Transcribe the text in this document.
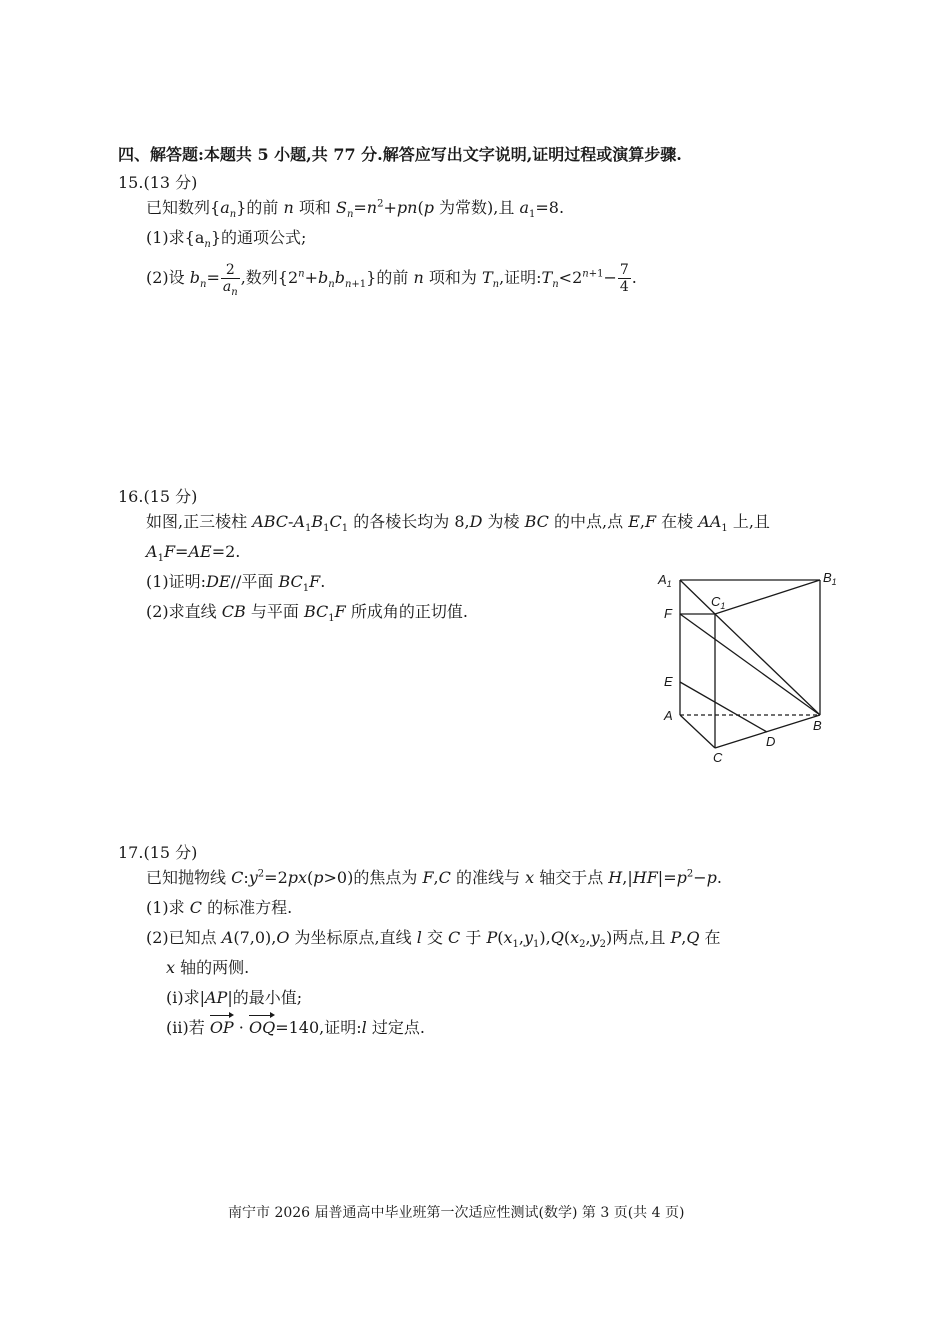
四、解答题:本题共 5 小题,共 77 分.解答应写出文字说明,证明过程或演算步骤.
15.(13 分)
已知数列$\{a_n\}$的前 n 项和 $S_n=n^2+pn(p$ 为常数),且 $a_1=8$.
(1)求$\{a_n\}$的通项公式;
(2)设 $b_n= \frac{2}{a_n}$ ,数列$\{2^n+b_nb_{n+1}\}$的前 n 项和为 $T_n$,证明$:T_n<2^{n+1}- \frac{7}{4}$ .
16.(15 分)
如图,正三棱柱 ABC-$A_1B_1C_1$ 的各棱长均为 8,D 为棱 BC 的中点,点 E,F 在棱 $AA_1$ 上,且
$A_1F=AE=2$.
(1)证明:DE//平面 $BC_1F$.
(2)求直线 CB 与平面 $BC_1F$ 所成角的正切值.
$A_1$	$B_1$
$C_1$
F
E
A
B
D
C
17.(15 分)
已知抛物线 $C:y^2=2px(p>0)$的焦点为 F,C 的准线与 x 轴交于点 $H,|HF|=p^2-p$.
(1)求 C 的标准方程.
(2)已知点 A(7,0),O 为坐标原点,直线 l 交 C 于 $P(x_1,y_1),Q(x_2,y_2)$两点,且 P,Q 在
x 轴的两侧.
(ⅰ)求|AP|的最小值;
(ⅱ)若 OP · OQ=140,证明:l 过定点.
南宁市 2026 届普通高中毕业班第一次适应性测试(数学) 第 3 页(共 4 页)
